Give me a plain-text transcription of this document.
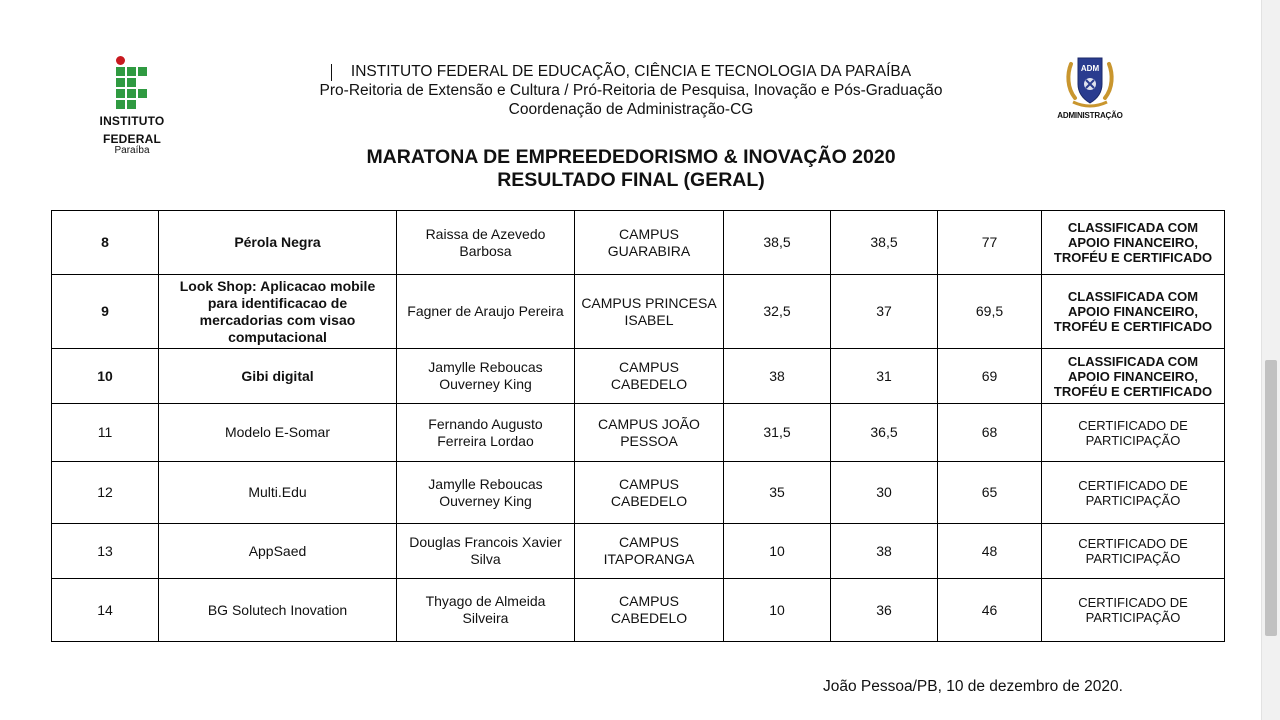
INSTITUTO
FEDERAL
Paraíba
INSTITUTO FEDERAL DE EDUCAÇÃO, CIÊNCIA E TECNOLOGIA DA PARAÍBA
Pro-Reitoria de Extensão e Cultura / Pró-Reitoria de Pesquisa, Inovação e Pós-Graduação
Coordenação de Administração-CG
ADM
ADMINISTRAÇÃO
MARATONA DE EMPREEDEDORISMO & INOVAÇÃO 2020
RESULTADO FINAL (GERAL)
8	Pérola Negra	Raissa de Azevedo Barbosa	CAMPUS GUARABIRA	38,5	38,5	77	CLASSIFICADA COM APOIO FINANCEIRO, TROFÉU E CERTIFICADO
9	Look Shop: Aplicacao mobile para identificacao de mercadorias com visao computacional	Fagner de Araujo Pereira	CAMPUS PRINCESA ISABEL	32,5	37	69,5	CLASSIFICADA COM APOIO FINANCEIRO, TROFÉU E CERTIFICADO
10	Gibi digital	Jamylle Reboucas Ouverney King	CAMPUS CABEDELO	38	31	69	CLASSIFICADA COM APOIO FINANCEIRO, TROFÉU E CERTIFICADO
11	Modelo E-Somar	Fernando Augusto Ferreira Lordao	CAMPUS JOÃO PESSOA	31,5	36,5	68	CERTIFICADO DE PARTICIPAÇÃO
12	Multi.Edu	Jamylle Reboucas Ouverney King	CAMPUS CABEDELO	35	30	65	CERTIFICADO DE PARTICIPAÇÃO
13	AppSaed	Douglas Francois Xavier Silva	CAMPUS ITAPORANGA	10	38	48	CERTIFICADO DE PARTICIPAÇÃO
14	BG Solutech Inovation	Thyago de Almeida Silveira	CAMPUS CABEDELO	10	36	46	CERTIFICADO DE PARTICIPAÇÃO
João Pessoa/PB, 10 de dezembro de 2020.
